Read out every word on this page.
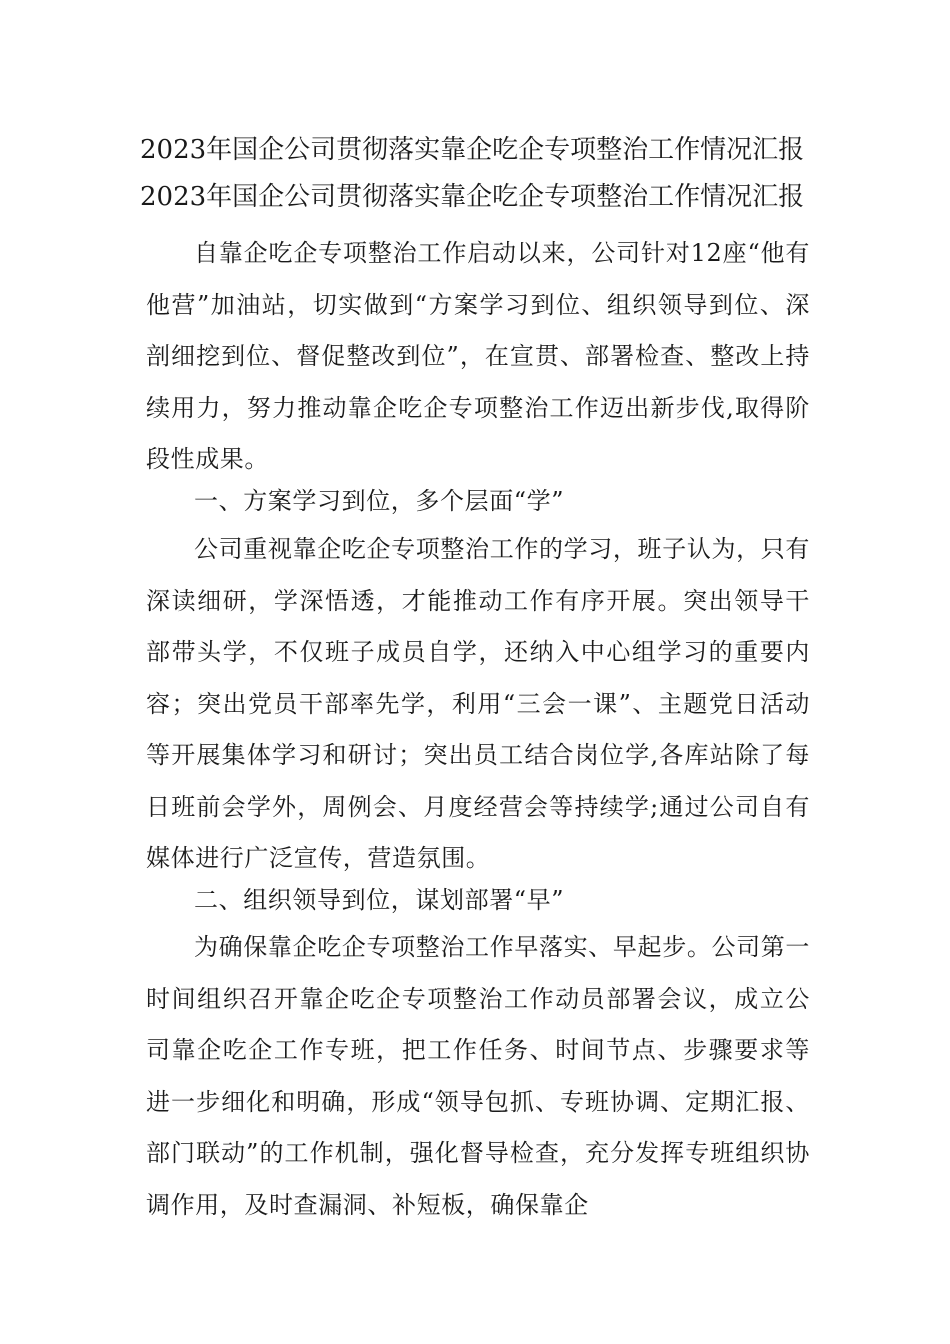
2023年国企公司贯彻落实靠企吃企专项整治工作情况汇报
2023年国企公司贯彻落实靠企吃企专项整治工作情况汇报
自靠企吃企专项整治工作启动以来，公司针对12座“他有他营”加油站，切实做到“方案学习到位、组织领导到位、深剖细挖到位、督促整改到位”，在宣贯、部署检查、整改上持续用力，努力推动靠企吃企专项整治工作迈出新步伐,取得阶段性成果。
一、方案学习到位，多个层面“学”
公司重视靠企吃企专项整治工作的学习，班子认为，只有深读细研，学深悟透，才能推动工作有序开展。突出领导干部带头学，不仅班子成员自学，还纳入中心组学习的重要内容；突出党员干部率先学，利用“三会一课”、主题党日活动等开展集体学习和研讨；突出员工结合岗位学,各库站除了每日班前会学外，周例会、月度经营会等持续学;通过公司自有媒体进行广泛宣传，营造氛围。
二、组织领导到位，谋划部署“早”
为确保靠企吃企专项整治工作早落实、早起步。公司第一时间组织召开靠企吃企专项整治工作动员部署会议，成立公司靠企吃企工作专班，把工作任务、时间节点、步骤要求等进一步细化和明确，形成“领导包抓、专班协调、定期汇报、部门联动”的工作机制，强化督导检查，充分发挥专班组织协调作用，及时查漏洞、补短板，确保靠企
